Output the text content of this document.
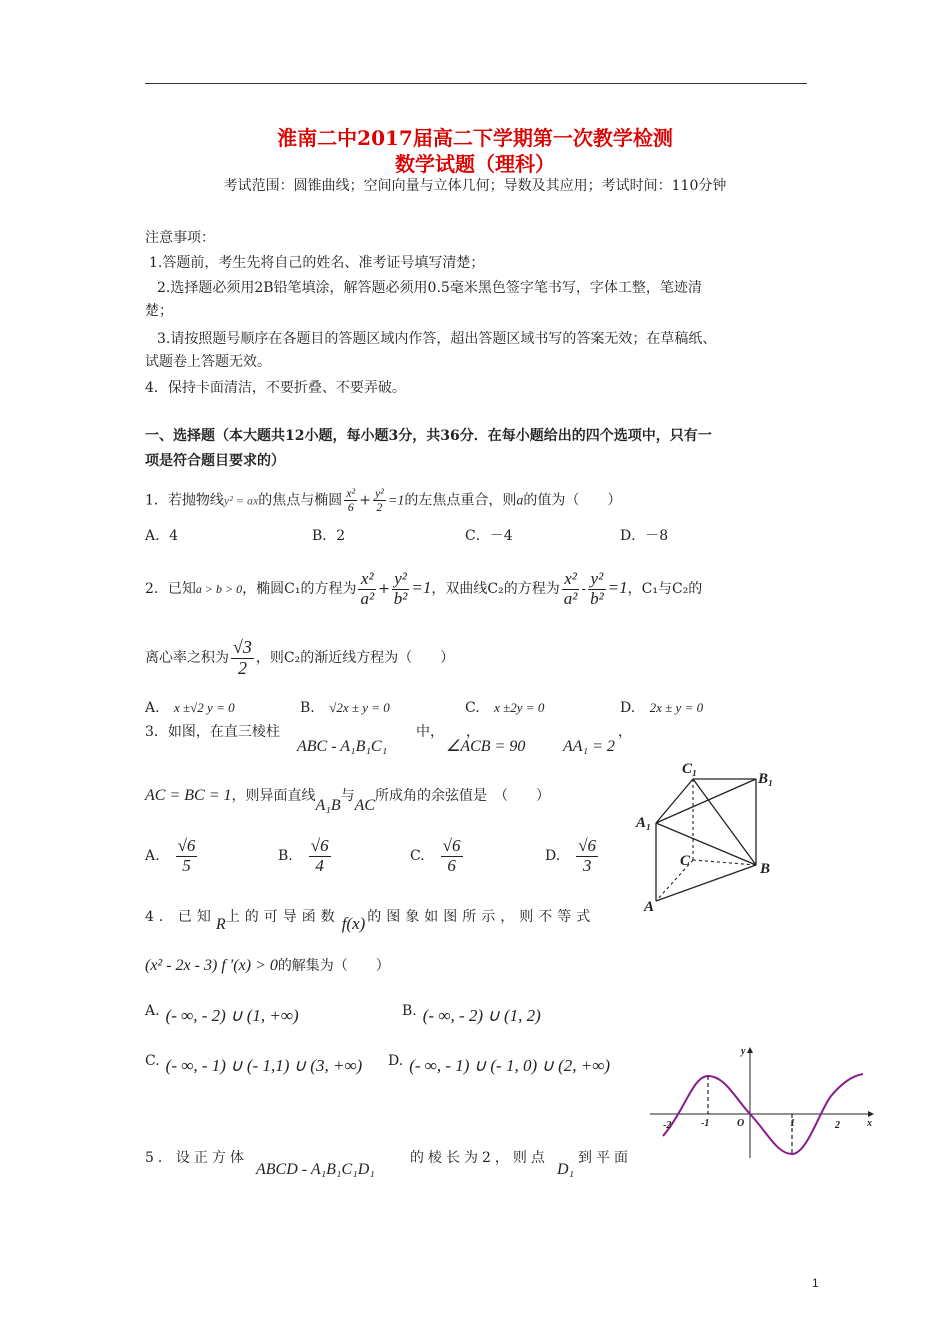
淮南二中2017届高二下学期第一次教学检测
数学试题（理科）
考试范围：圆锥曲线；空间向量与立体几何；导数及其应用；考试时间：110分钟
注意事项：
1.答题前，考生先将自己的姓名、准考证号填写清楚；
2.选择题必须用2B铅笔填涂，解答题必须用0.5毫米黑色签字笔书写，字体工整，笔迹清
楚；
3.请按照题号顺序在各题目的答题区域内作答，超出答题区域书写的答案无效；在草稿纸、
试题卷上答题无效。
4．保持卡面清洁，不要折叠、不要弄破。
一、选择题（本大题共12小题，每小题3分，共36分．在每小题给出的四个选项中，只有一
项是符合题目要求的）
1．若抛物线y² = ax的焦点与椭圆 $\frac{\text{x²}}{6} + \frac{\text{y²}}{2} =1$的左焦点重合，则a的值为（　　）
A．4	B．2	C．－4	D．－8
2．已知a > b > 0，椭圆C₁的方程为 $\frac{\text{x²}}{\text{a²}} + \frac{\text{y²}}{\text{b²}} =1$，双曲线C₂的方程为 $\frac{\text{x²}}{\text{a²}} - \frac{\text{y²}}{\text{b²}} =1$，C₁与C₂的
离心率之积为 $\frac{√3}{2}$ ，则C₂的渐近线方程为（　　）
A. x ±√2 y = 0	B. √2x ± y = 0	C. x ±2y = 0	D. 2x ± y = 0
3．如图，在直三棱柱
ABC - A₁B₁C₁
中， ，
∠ACB = 90 AA₁ = 2
，
AC = BC = 1，则异面直线A₁B与AC所成角的余弦值是　（　　）
A. $\frac{√6}{5}$	B. $\frac{√6}{4}$	C. $\frac{√6}{6}$	D. $\frac{√6}{3}$
C₁
B₁
A₁
C	B
A
4．已知R上的可导函数 f(x) 的图象如图所示，则不等式
(x² - 2x - 3) f ′(x) > 0的解集为（　　）
A. (- ∞, - 2) ∪ (1, +∞)	B. (- ∞, - 2) ∪ (1, 2)
C. (- ∞, - 1) ∪ (- 1,1) ∪ (3, +∞) D. (- ∞, - 1) ∪ (- 1, 0) ∪ (2, +∞)
y
x
O
-2	-1	1	2
5．设正方体
ABCD - A₁B₁C₁D₁
的棱长为2，则点
D₁
到平面
1
